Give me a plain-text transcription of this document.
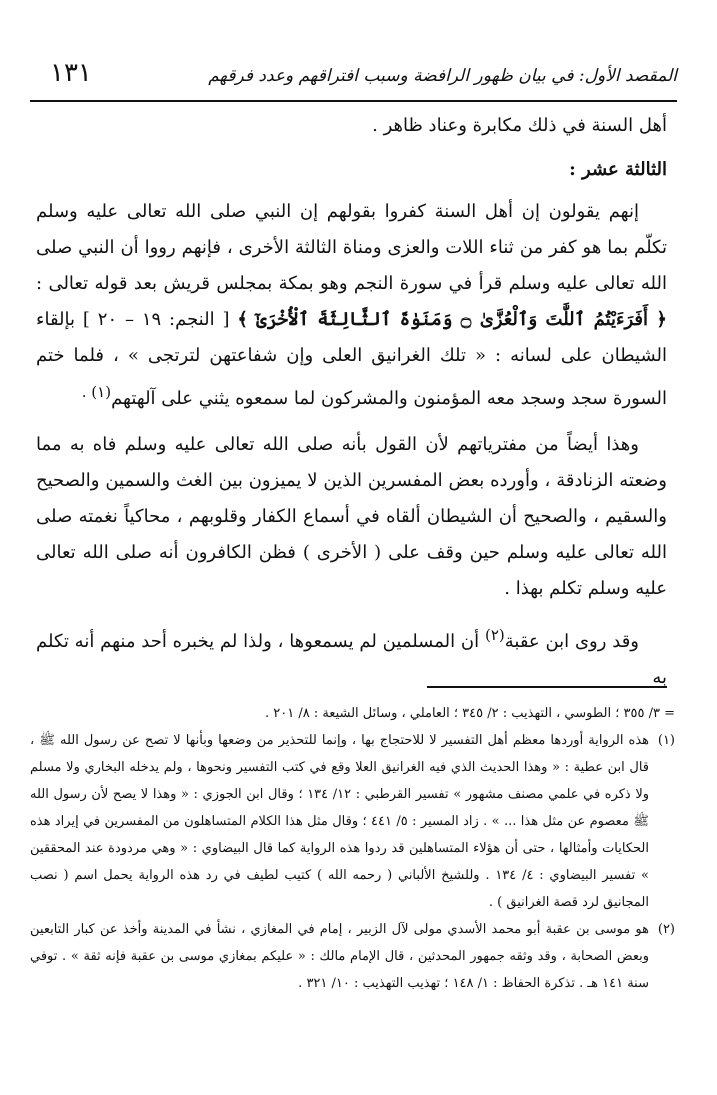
المقصد الأول: في بيان ظهور الرافضة وسبب افتراقهم وعدد فرقهم
١٣١

أهل السنة في ذلك مكابرة وعناد ظاهر .

الثالثة عشر :

إنهم يقولون إن أهل السنة كفروا بقولهم إن النبي صلى الله تعالى عليه وسلم تكلّم بما هو كفر من ثناء اللات والعزى ومناة الثالثة الأخرى ، فإنهم رووا أن النبي صلى الله تعالى عليه وسلم قرأ في سورة النجم وهو بمكة بمجلس قريش بعد قوله تعالى : ﴿ أَفَرَءَيْتُمُ ٱللَّٰتَ وَٱلْعُزَّىٰ ۝ وَمَنَوٰةَ ٱلثَّالِثَةَ ٱلْأُخْرَىٰٓ ﴾ [ النجم: ١٩ – ٢٠ ] بإلقاء الشيطان على لسانه : « تلك الغرانيق العلى وإن شفاعتهن لترتجى » ، فلما ختم السورة سجد وسجد معه المؤمنون والمشركون لما سمعوه يثني على آلهتهم$^{(١) .}$

وهذا أيضاً من مفترياتهم لأن القول بأنه صلى الله تعالى عليه وسلم فاه به مما وضعته الزنادقة ، وأورده بعض المفسرين الذين لا يميزون بين الغث والسمين والصحيح والسقيم ، والصحيح أن الشيطان ألقاه في أسماع الكفار وقلوبهم ، محاكياً نغمته صلى الله تعالى عليه وسلم حين وقف على ( الأخرى ) فظن الكافرون أنه صلى الله تعالى عليه وسلم تكلم بهذا .

وقد روى ابن عقبة$^{(٢)}$ أن المسلمين لم يسمعوها ، ولذا لم يخبره أحد منهم أنه تكلم به

= ٣/ ٣٥٥ ؛ الطوسي ، التهذيب : ٢/ ٣٤٥ ؛ العاملي ، وسائل الشيعة : ٨/ ٢٠١ .

(١)
هذه الرواية أوردها معظم أهل التفسير لا للاحتجاج بها ، وإنما للتحذير من وضعها وبأنها لا تصح عن رسول الله ﷺ ، قال ابن عطية : « وهذا الحديث الذي فيه الغرانيق العلا وقع في كتب التفسير ونحوها ، ولم يدخله البخاري ولا مسلم ولا ذكره في علمي مصنف مشهور » تفسير القرطبي : ١٢/ ١٣٤ ؛ وقال ابن الجوزي : « وهذا لا يصح لأن رسول الله ﷺ معصوم عن مثل هذا ... » . زاد المسير : ٥/ ٤٤١ ؛ وقال مثل هذا الكلام المتساهلون من المفسرين في إيراد هذه الحكايات وأمثالها ، حتى أن هؤلاء المتساهلين قد ردوا هذه الرواية كما قال البيضاوي : « وهي مردودة عند المحققين » تفسير البيضاوي : ٤/ ١٣٤ . وللشيخ الألباني ( رحمه الله ) كتيب لطيف في رد هذه الرواية يحمل اسم ( نصب المجانيق لرد قصة الغرانيق ) .

(٢)
هو موسى بن عقبة أبو محمد الأسدي مولى لآل الزبير ، إمام في المغازي ، نشأ في المدينة وأخذ عن كبار التابعين وبعض الصحابة ، وقد وثقه جمهور المحدثين ، قال الإمام مالك : « عليكم بمغازي موسى بن عقبة فإنه ثقة » . توفي سنة ١٤١ هـ . تذكرة الحفاظ : ١/ ١٤٨ ؛ تهذيب التهذيب : ١٠/ ٣٢١ .
